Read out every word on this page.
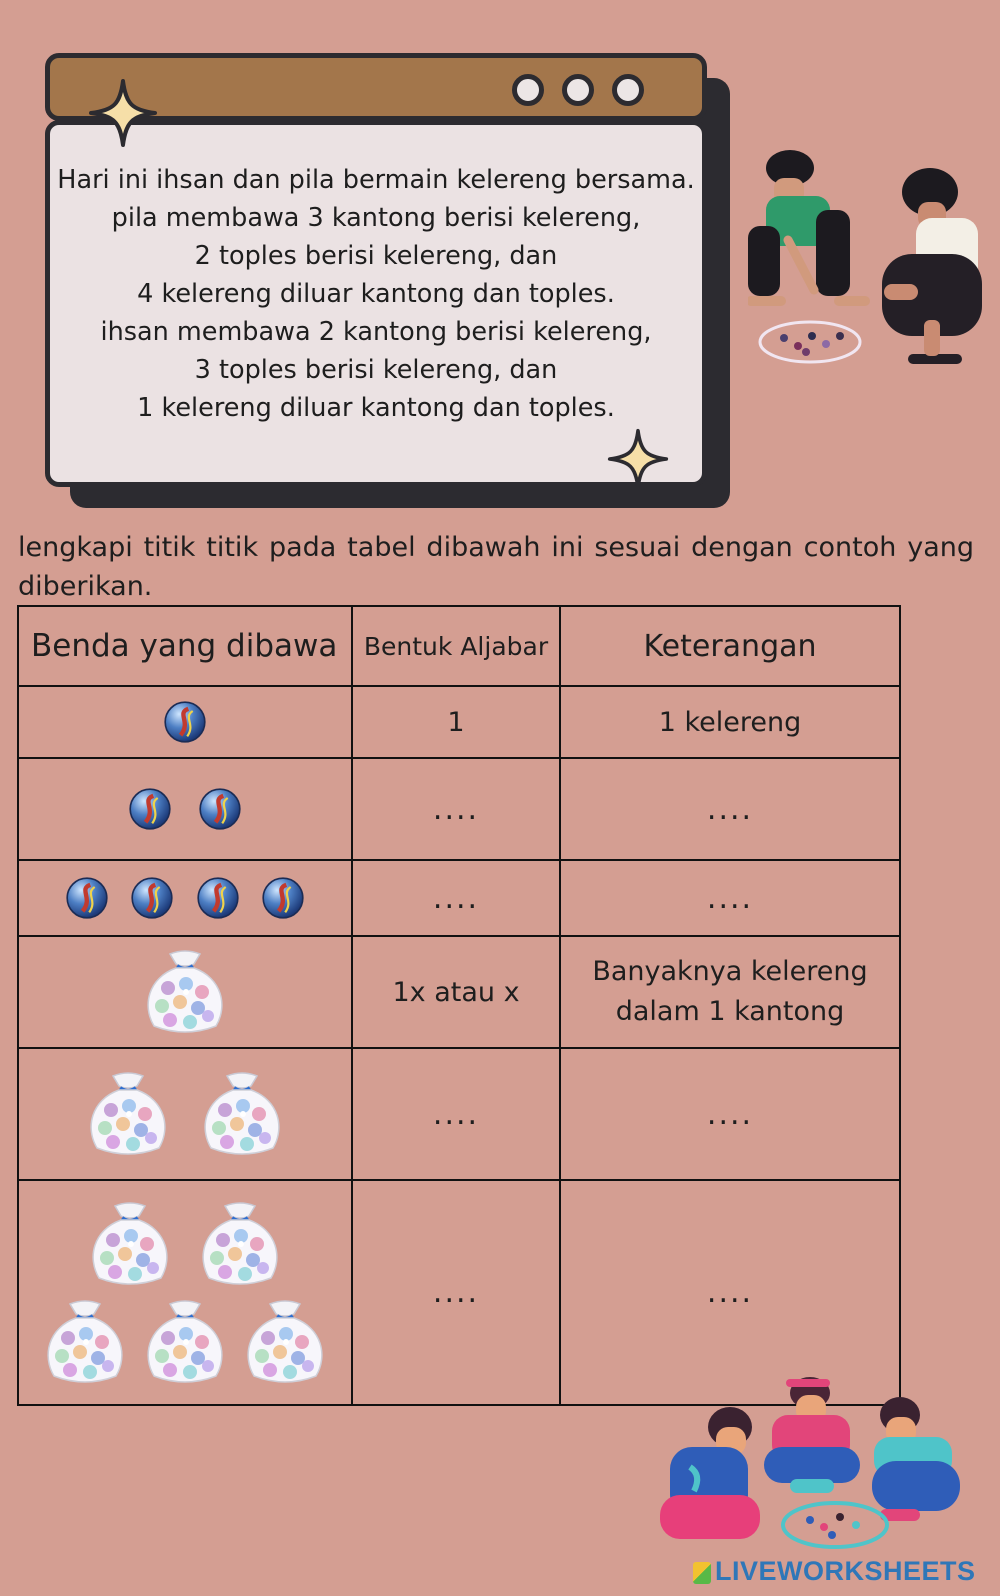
Hari ini ihsan dan pila bermain kelereng bersama.
pila membawa 3 kantong berisi kelereng,
2 toples berisi kelereng, dan
4 kelereng diluar kantong dan toples.
ihsan membawa 2 kantong berisi kelereng,
3 toples berisi kelereng, dan
1 kelereng diluar kantong dan toples.

lengkapi titik titik pada tabel dibawah ini sesuai dengan contoh yang diberikan.

Benda yang dibawa	Bentuk Aljabar	Keterangan
	1	1 kelereng
	....	....
	....	....
	1x atau x	Banyaknya kelereng dalam 1 kantong

	....	....

	....	....
LIVEWORKSHEETS
